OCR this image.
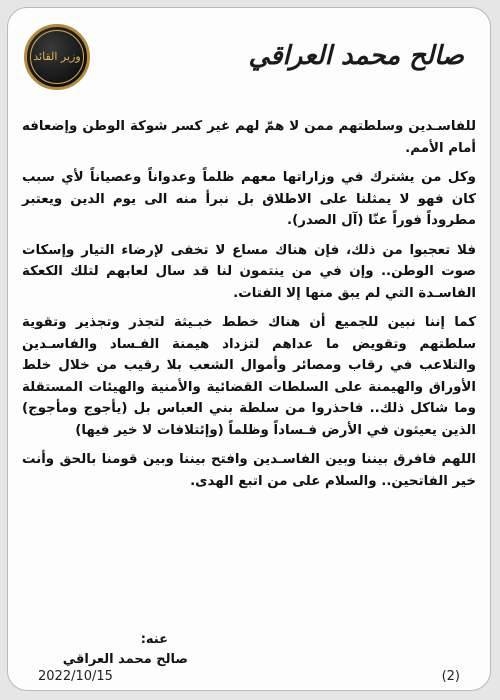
وزير القائد	صالح محمد العراقي

للفاسـدين وسلطتهم ممن لا همّ لهم غير كسر شوكة الوطن وإضعافه أمام الأمم.

وكل من يشترك في وزاراتها معهم ظلماً وعدواناً وعصياناً لأي سبب كان فهو لا يمثلنا على الاطلاق بل نبرأ منه الى يوم الدين ويعتبر مطروداً فوراً عنّا (آل الصدر).

فلا تعجبوا من ذلك، فإن هناك مساع لا تخفى لإرضاء التيار وإسكات صوت الوطن.. وإن في من ينتمون لنا قد سال لعابهم لتلك الكعكة الفاسـدة التي لم يبق منها إلا الفتات.

كما إننا نبين للجميع أن هناك خطط خبـيثة لتجذر وتجذير وتقوية سلطتهم وتقويض ما عداهم لتزداد هيمنة الفـساد والفاسـدين والتلاعب في رقاب ومصائر وأموال الشعب بلا رقيب من خلال خلط الأوراق والهيمنة على السلطات القضائية والأمنية والهيئات المستقلة وما شاكل ذلك.. فاحذروا من سلطة بني العباس بل (يأجوج ومأجوج) الذين يعيثون في الأرض فـساداً وظلماً (وإئتلافات لا خير فيها)

اللهم فافرق بيننا وبين الفاسـدين وافتح بيننا وبين قومنا بالحق وأنت خير الفاتحين.. والسلام على من اتبع الهدى.

عنه:
صالح محمد العراقي
2022/10/15	(2)
